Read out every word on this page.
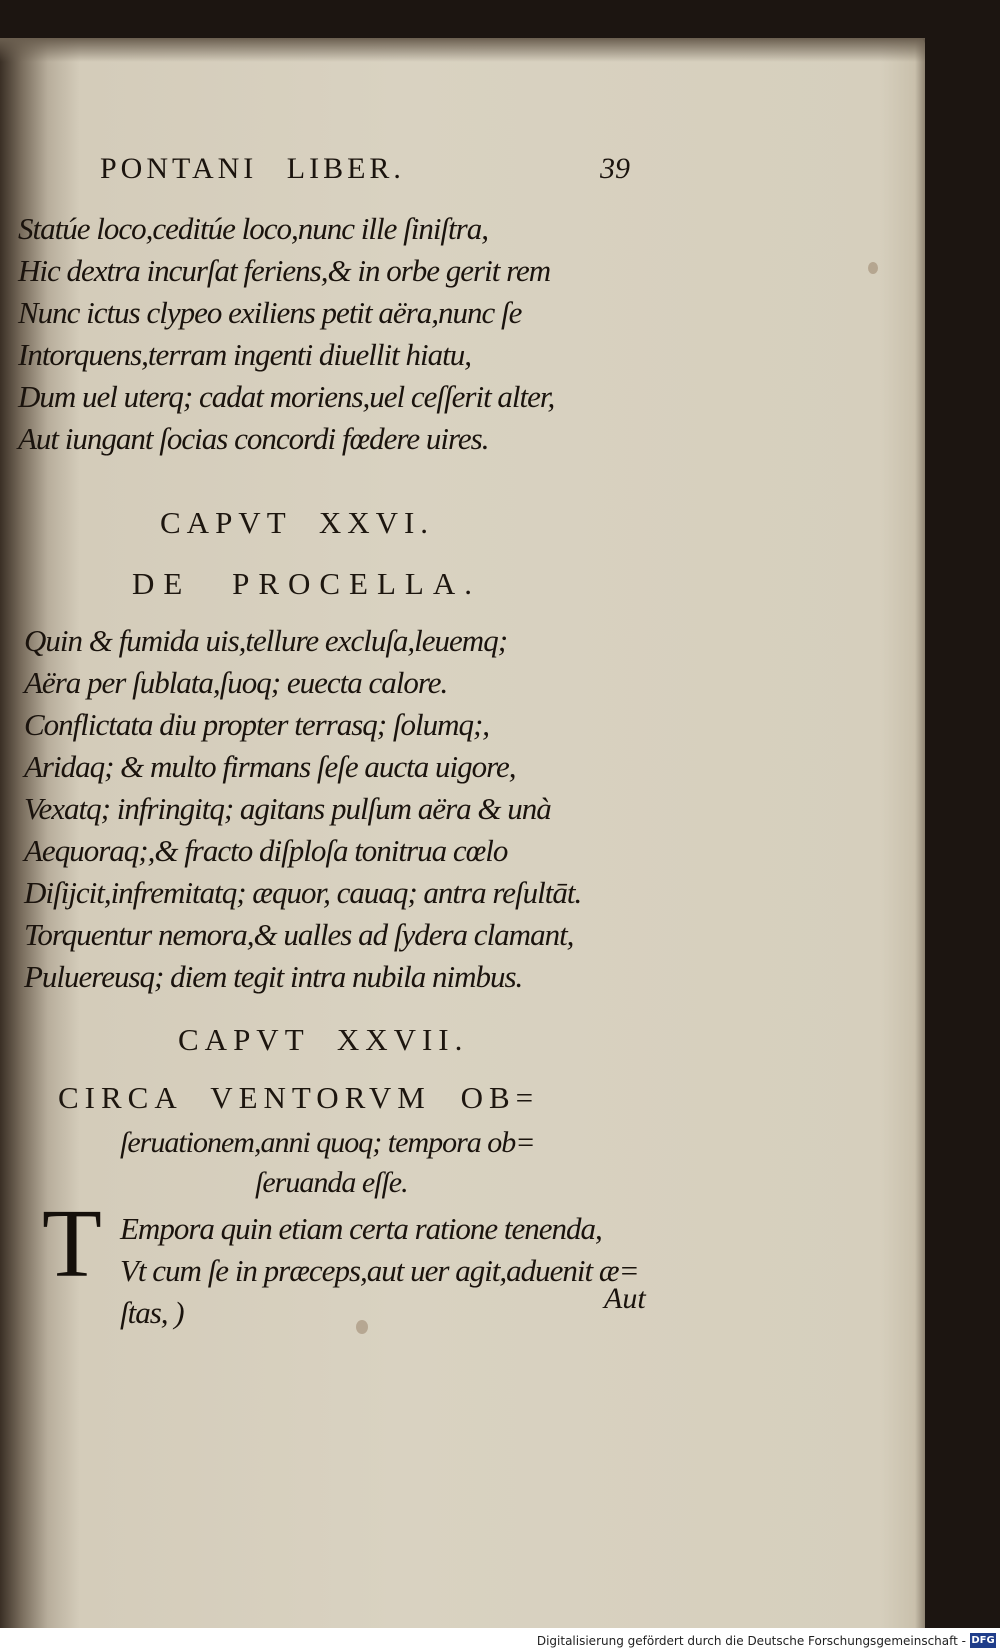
PONTANI LIBER.	39
Statúe loco,ceditúe loco,nunc ille ſiniſtra,
Hic dextra incurſat feriens,& in orbe gerit rem
Nunc ictus clypeo exiliens petit aëra,nunc ſe
Intorquens,terram ingenti diuellit hiatu,
Dum uel uterq; cadat moriens,uel ceſſerit alter,
Aut iungant ſocias concordi fœdere uires.
CAPVT XXVI.
DE PROCELLA.
Quin & fumida uis,tellure excluſa,leuemq;
Aëra per ſublata,ſuoq; euecta calore.
Conflictata diu propter terrasq; ſolumq;,
Aridaq; & multo firmans ſeſe aucta uigore,
Vexatq; infringitq; agitans pulſum aëra & unà
Aequoraq;,& fracto diſploſa tonitrua cœlo
Diſijcit,infremitatq; æquor, cauaq; antra reſultāt.
Torquentur nemora,& ualles ad ſydera clamant,
Puluereusq; diem tegit intra nubila nimbus.
CAPVT XXVII.
CIRCA VENTORVM OB=
ſeruationem,anni quoq; tempora ob=
ſeruanda eſſe.
T Empora quin etiam certa ratione tenenda,
Vt cum ſe in præceps,aut uer agit,aduenit æ=
ſtas, )	Aut
Digitalisierung gefördert durch die Deutsche Forschungsgemeinschaft - DFG
